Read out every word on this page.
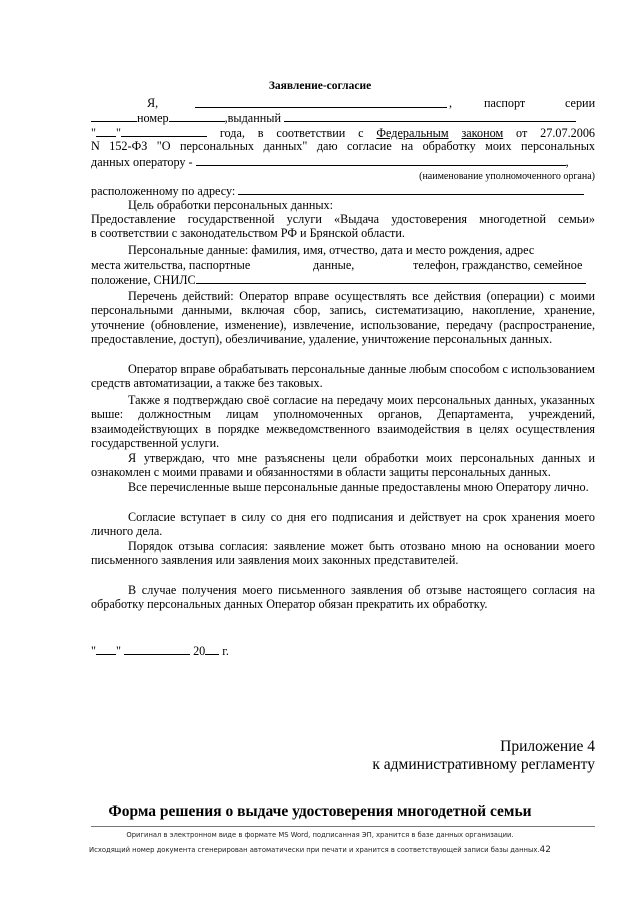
Заявление-согласие
Я,	,	паспорт	серии
номер	,выданный
" "	года, в соответствии с Федеральным законом от 27.07.2006
N 152-ФЗ "О персональных данных" даю согласие на обработку моих персональных
данных оператору -	,
(наименование уполномоченного органа)
расположенному по адресу:
Цель обработки персональных данных:
Предоставление государственной услуги «Выдача удостоверения многодетной семьи»
в соответствии с законодательством РФ и Брянской области.
Персональные данные: фамилия, имя, отчество, дата и место рождения, адрес
места жительства, паспортные	данные,	телефон, гражданство, семейное
положение, СНИЛС
Перечень действий: Оператор вправе осуществлять все действия (операции) с моими персональными данными, включая сбор, запись, систематизацию, накопление, хранение, уточнение (обновление, изменение), извлечение, использование, передачу (распространение, предоставление, доступ), обезличивание, удаление, уничтожение персональных данных.
Оператор вправе обрабатывать персональные данные любым способом с использованием средств автоматизации, а также без таковых.
Также я подтверждаю своё согласие на передачу моих персональных данных, указанных выше: должностным лицам уполномоченных органов, Департамента, учреждений, взаимодействующих в порядке межведомственного взаимодействия в целях осуществления государственной услуги.
Я утверждаю, что мне разъяснены цели обработки моих персональных данных и ознакомлен с моими правами и обязанностями в области защиты персональных данных.
Все перечисленные выше персональные данные предоставлены мною Оператору лично.
Согласие вступает в силу со дня его подписания и действует на срок хранения моего личного дела.
Порядок отзыва согласия: заявление может быть отозвано мною на основании моего письменного заявления или заявления моих законных представителей.
В случае получения моего письменного заявления об отзыве настоящего согласия на обработку персональных данных Оператор обязан прекратить их обработку.
" "	20 г.
Приложение 4
к административному регламенту
Форма решения о выдаче удостоверения многодетной семьи
Оригинал в электронном виде в формате MS Word, подписанная ЭП, хранится в базе данных организации.
Исходящий номер документа сгенерирован автоматически при печати и хранится в соответствующей записи базы данных.42
